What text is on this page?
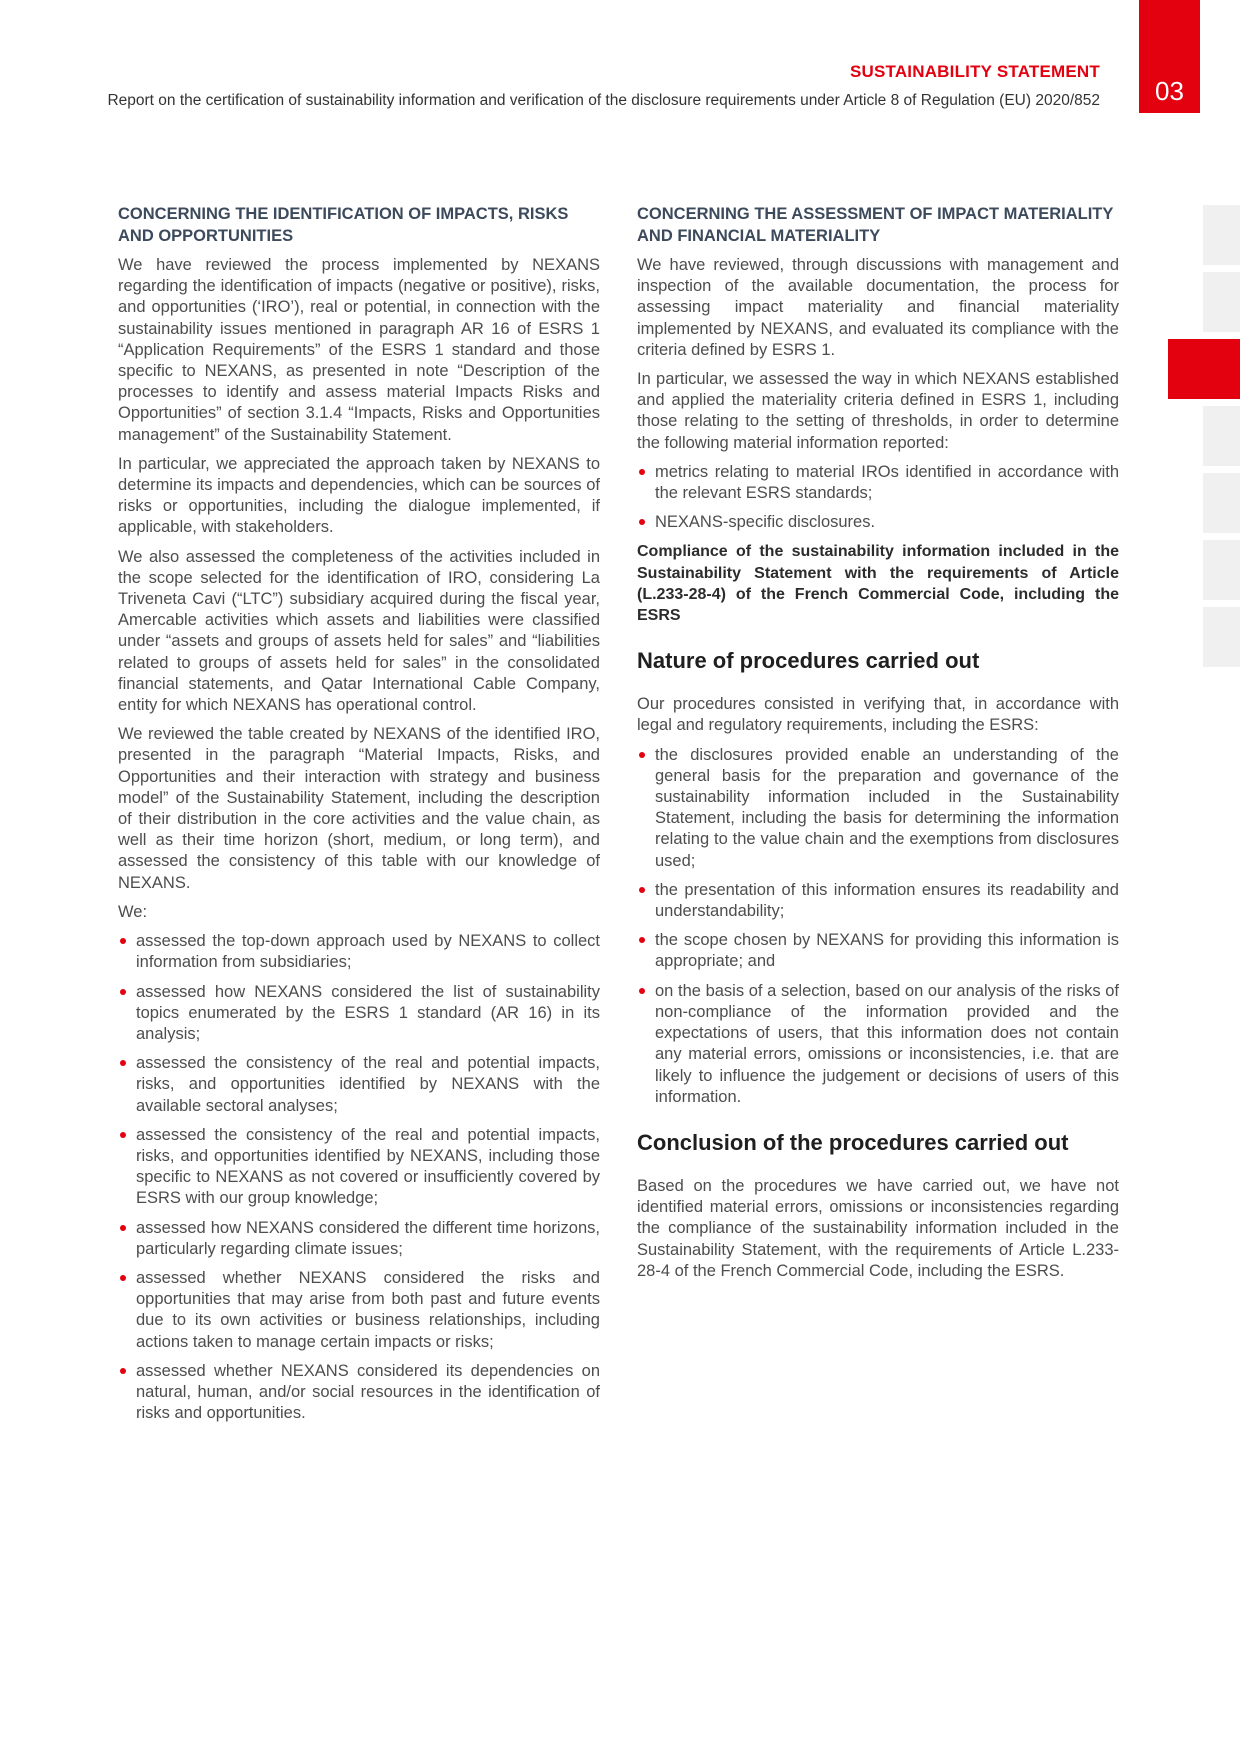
SUSTAINABILITY STATEMENT
Report on the certification of sustainability information and verification of the disclosure requirements under Article 8 of Regulation (EU) 2020/852	03
CONCERNING THE IDENTIFICATION OF IMPACTS, RISKS AND OPPORTUNITIES

We have reviewed the process implemented by NEXANS regarding the identification of impacts (negative or positive), risks, and opportunities (‘IRO’), real or potential, in connection with the sustainability issues mentioned in paragraph AR 16 of ESRS 1 “Application Requirements” of the ESRS 1 standard and those specific to NEXANS, as presented in note “Description of the processes to identify and assess material Impacts Risks and Opportunities” of section 3.1.4 “Impacts, Risks and Opportunities management” of the Sustainability Statement.

In particular, we appreciated the approach taken by NEXANS to determine its impacts and dependencies, which can be sources of risks or opportunities, including the dialogue implemented, if applicable, with stakeholders.

We also assessed the completeness of the activities included in the scope selected for the identification of IRO, considering La Triveneta Cavi (“LTC”) subsidiary acquired during the fiscal year, Amercable activities which assets and liabilities were classified under “assets and groups of assets held for sales” and “liabilities related to groups of assets held for sales” in the consolidated financial statements, and Qatar International Cable Company, entity for which NEXANS has operational control.

We reviewed the table created by NEXANS of the identified IRO, presented in the paragraph “Material Impacts, Risks, and Opportunities and their interaction with strategy and business model” of the Sustainability Statement, including the description of their distribution in the core activities and the value chain, as well as their time horizon (short, medium, or long term), and assessed the consistency of this table with our knowledge of NEXANS.

We:

assessed the top-down approach used by NEXANS to collect information from subsidiaries;
assessed how NEXANS considered the list of sustainability topics enumerated by the ESRS 1 standard (AR 16) in its analysis;
assessed the consistency of the real and potential impacts, risks, and opportunities identified by NEXANS with the available sectoral analyses;
assessed the consistency of the real and potential impacts, risks, and opportunities identified by NEXANS, including those specific to NEXANS as not covered or insufficiently covered by ESRS with our group knowledge;
assessed how NEXANS considered the different time horizons, particularly regarding climate issues;
assessed whether NEXANS considered the risks and opportunities that may arise from both past and future events due to its own activities or business relationships, including actions taken to manage certain impacts or risks;
assessed whether NEXANS considered its dependencies on natural, human, and/or social resources in the identification of risks and opportunities.
CONCERNING THE ASSESSMENT OF IMPACT MATERIALITY AND FINANCIAL MATERIALITY

We have reviewed, through discussions with management and inspection of the available documentation, the process for assessing impact materiality and financial materiality implemented by NEXANS, and evaluated its compliance with the criteria defined by ESRS 1.

In particular, we assessed the way in which NEXANS established and applied the materiality criteria defined in ESRS 1, including those relating to the setting of thresholds, in order to determine the following material information reported:

metrics relating to material IROs identified in accordance with the relevant ESRS standards;
NEXANS-specific disclosures.

Compliance of the sustainability information included in the Sustainability Statement with the requirements of Article (L.233-28-4) of the French Commercial Code, including the ESRS

Nature of procedures carried out

Our procedures consisted in verifying that, in accordance with legal and regulatory requirements, including the ESRS:

the disclosures provided enable an understanding of the general basis for the preparation and governance of the sustainability information included in the Sustainability Statement, including the basis for determining the information relating to the value chain and the exemptions from disclosures used;
the presentation of this information ensures its readability and understandability;
the scope chosen by NEXANS for providing this information is appropriate; and
on the basis of a selection, based on our analysis of the risks of non-compliance of the information provided and the expectations of users, that this information does not contain any material errors, omissions or inconsistencies, i.e. that are likely to influence the judgement or decisions of users of this information.
Conclusion of the procedures carried out

Based on the procedures we have carried out, we have not identified material errors, omissions or inconsistencies regarding the compliance of the sustainability information included in the Sustainability Statement, with the requirements of Article L.233-28-4 of the French Commercial Code, including the ESRS.
